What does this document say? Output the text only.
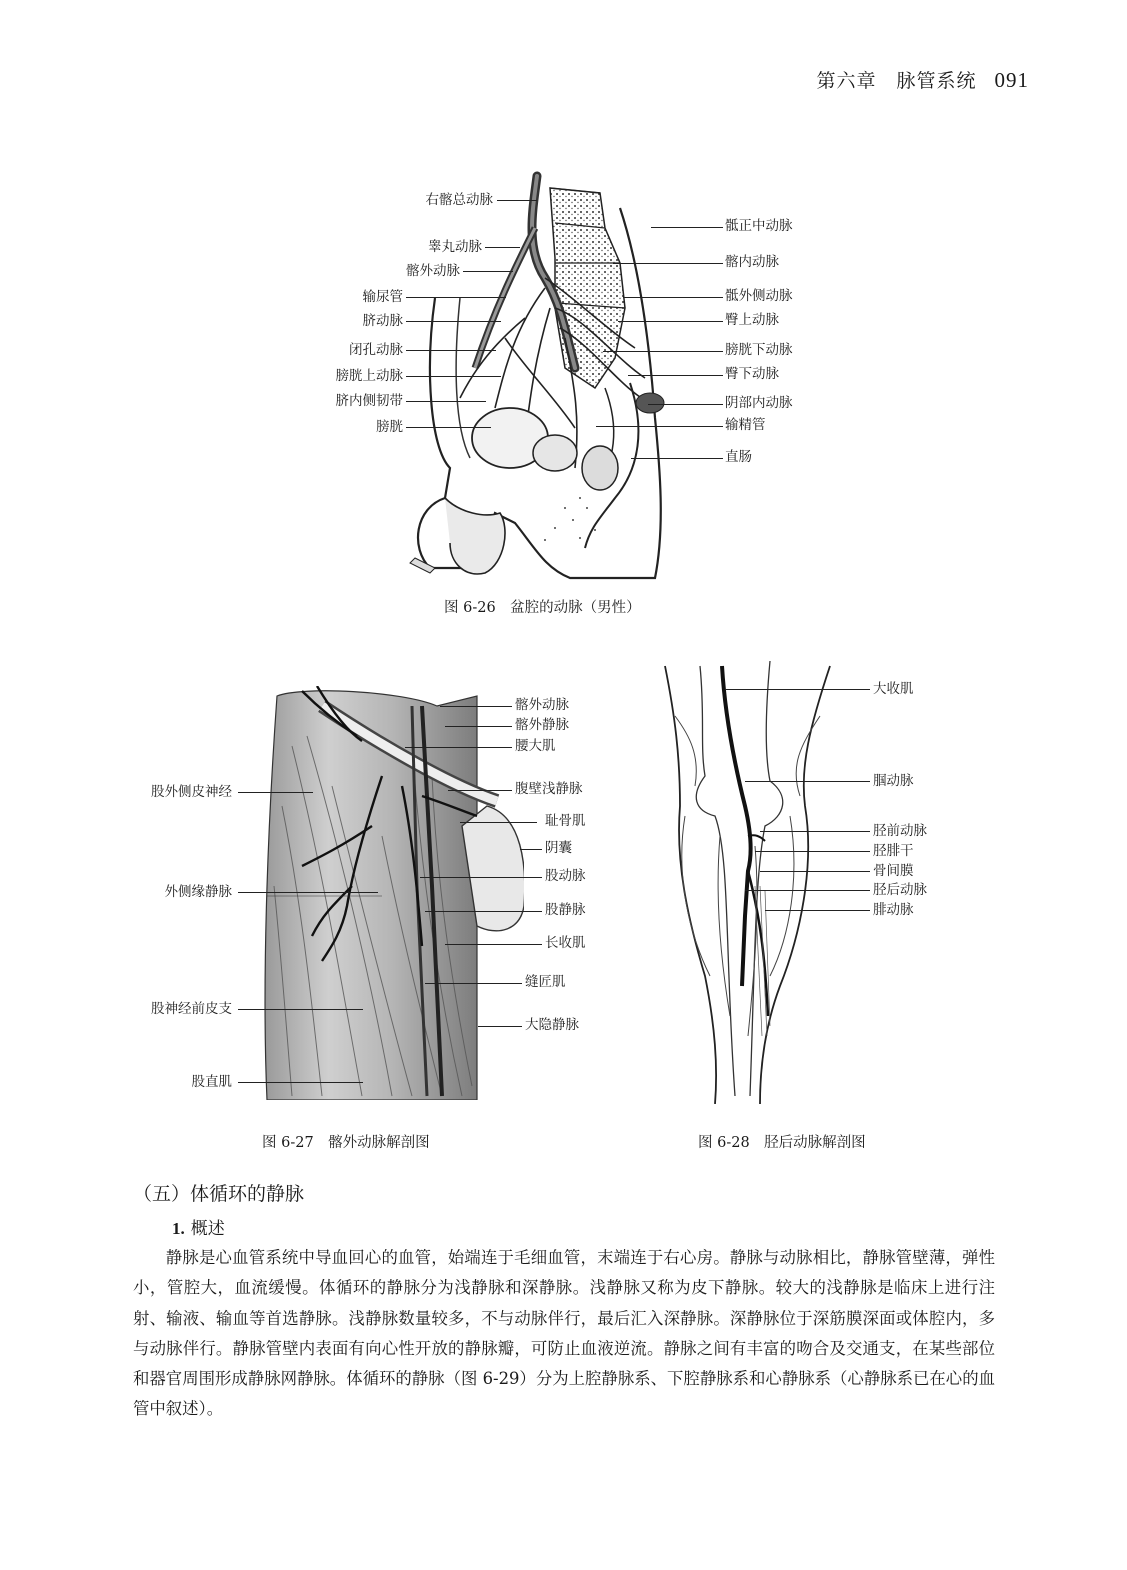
第六章　脉管系统 091
右髂总动脉
睾丸动脉
髂外动脉
输尿管
脐动脉
闭孔动脉
膀胱上动脉
脐内侧韧带
膀胱
骶正中动脉
髂内动脉
骶外侧动脉
臀上动脉
膀胱下动脉
臀下动脉
阴部内动脉
输精管
直肠
图 6-26　盆腔的动脉（男性）
股外侧皮神经
外侧缘静脉
股神经前皮支
股直肌
髂外动脉
髂外静脉
腰大肌
腹壁浅静脉
耻骨肌
阴囊
股动脉
股静脉
长收肌
缝匠肌
大隐静脉
图 6-27　髂外动脉解剖图
大收肌
腘动脉
胫前动脉
胫腓干
骨间膜
胫后动脉
腓动脉
图 6-28　胫后动脉解剖图
（五）体循环的静脉
1. 概述

静脉是心血管系统中导血回心的血管，始端连于毛细血管，末端连于右心房。静脉与动脉相比，静脉管壁薄，弹性小，管腔大，血流缓慢。体循环的静脉分为浅静脉和深静脉。浅静脉又称为皮下静脉。较大的浅静脉是临床上进行注射、输液、输血等首选静脉。浅静脉数量较多，不与动脉伴行，最后汇入深静脉。深静脉位于深筋膜深面或体腔内，多与动脉伴行。静脉管壁内表面有向心性开放的静脉瓣，可防止血液逆流。静脉之间有丰富的吻合及交通支，在某些部位和器官周围形成静脉网静脉。体循环的静脉（图 6-29）分为上腔静脉系、下腔静脉系和心静脉系（心静脉系已在心的血管中叙述）。
